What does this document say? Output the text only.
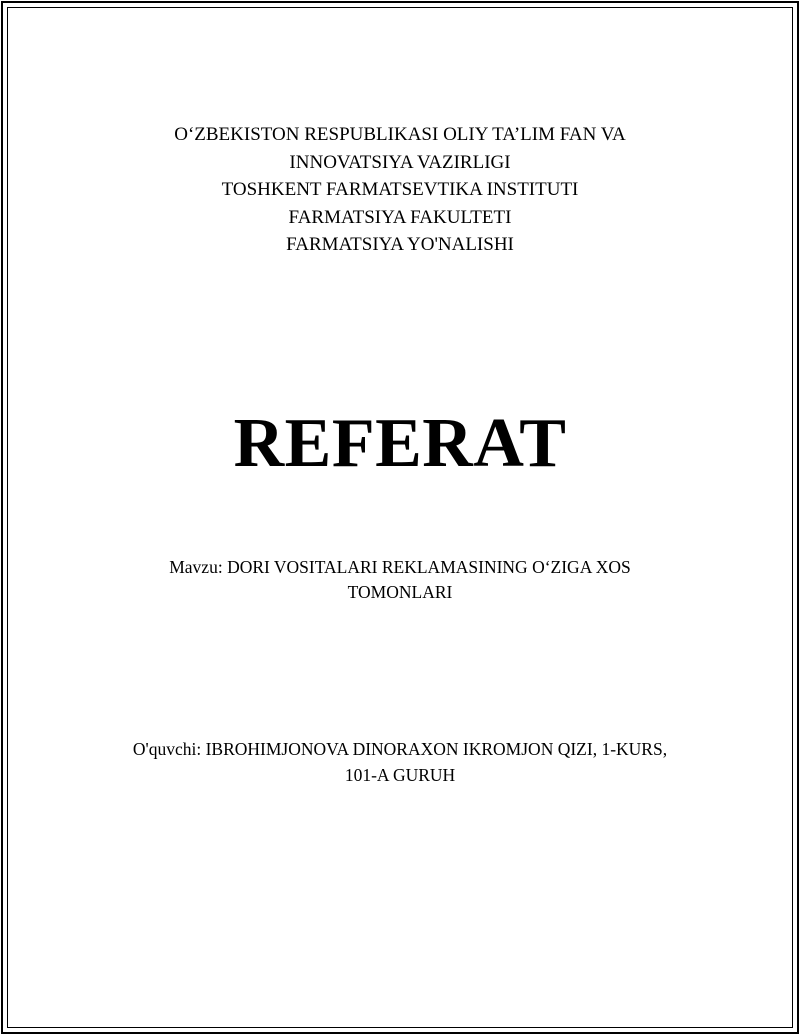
O‘ZBEKISTON RESPUBLIKASI OLIY TA’LIM FAN VA
INNOVATSIYA VAZIRLIGI
TOSHKENT FARMATSEVTIKA INSTITUTI
FARMATSIYA FAKULTETI
FARMATSIYA YO'NALISHI
REFERAT
Mavzu: DORI VOSITALARI REKLAMASINING O‘ZIGA XOS
TOMONLARI
O'quvchi: IBROHIMJONOVA DINORAXON IKROMJON QIZI, 1-KURS,
101-A GURUH
